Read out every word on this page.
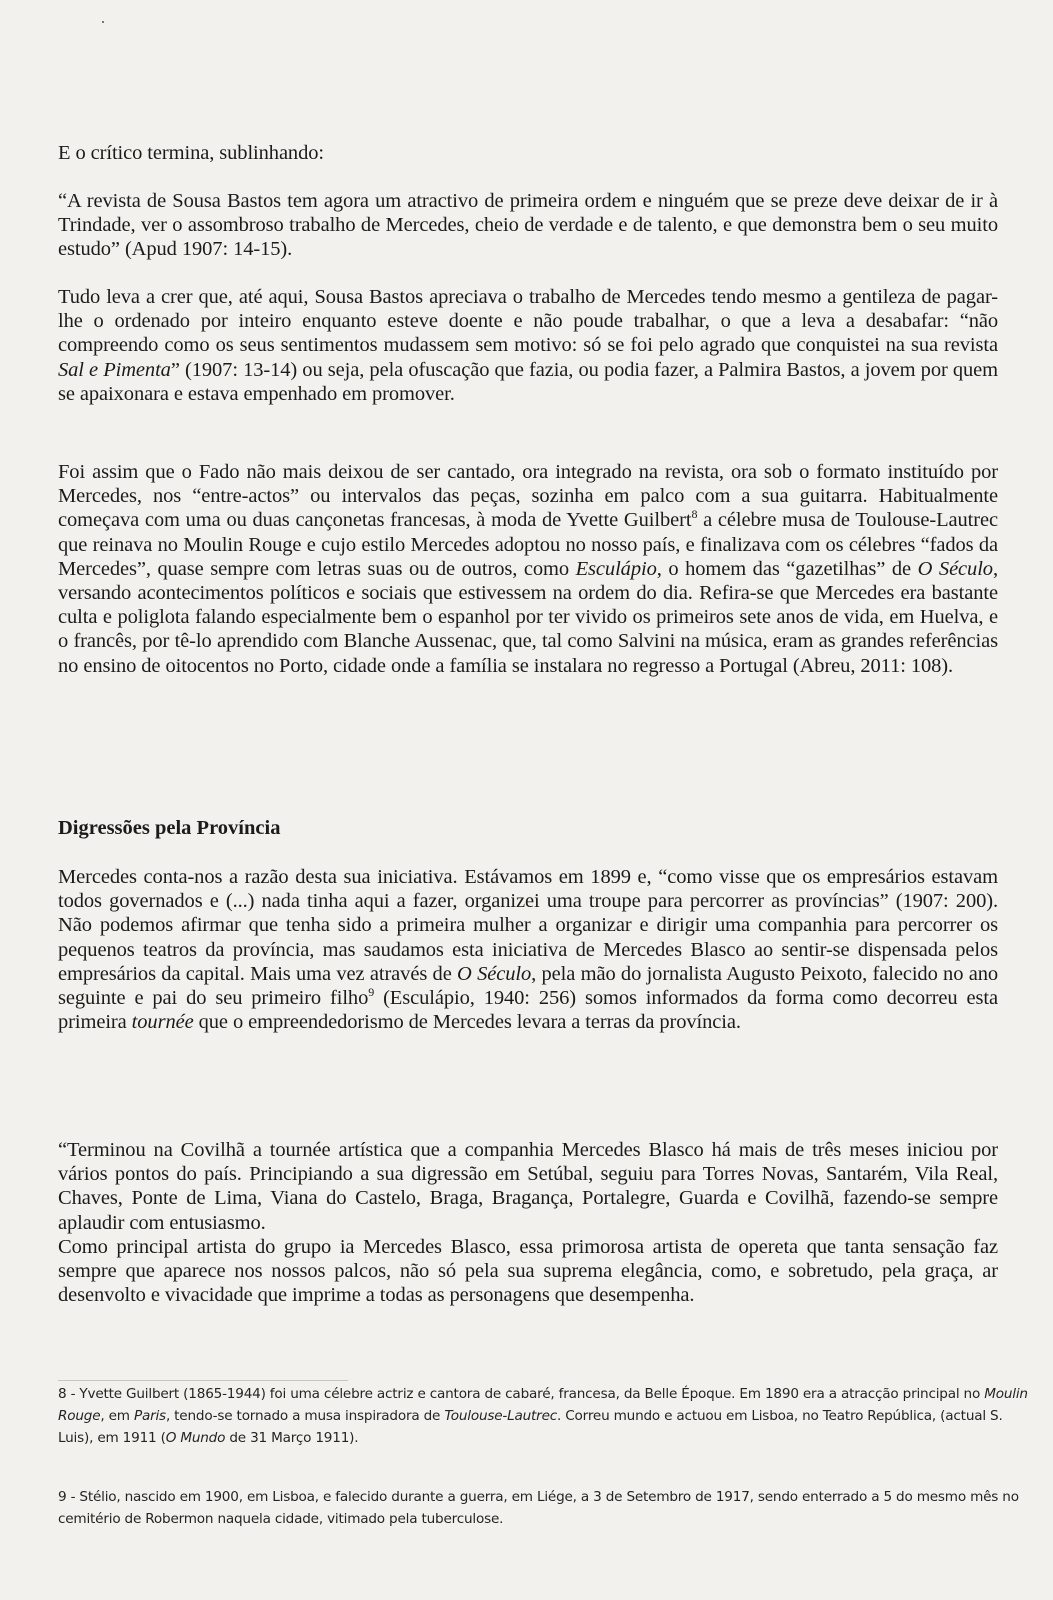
E o crítico termina, sublinhando:

“A revista de Sousa Bastos tem agora um atractivo de primeira ordem e ninguém que se preze deve deixar de ir à Trindade, ver o assombroso trabalho de Mercedes, cheio de verdade e de talento, e que demonstra bem o seu muito estudo” (Apud 1907: 14-15).

Tudo leva a crer que, até aqui, Sousa Bastos apreciava o trabalho de Mercedes tendo mesmo a gentileza de pagar-lhe o ordenado por inteiro enquanto esteve doente e não poude trabalhar, o que a leva a desabafar: “não compreendo como os seus sentimentos mudassem sem motivo: só se foi pelo agrado que conquistei na sua revista Sal e Pimenta” (1907: 13-14) ou seja, pela ofuscação que fazia, ou podia fazer, a Palmira Bastos, a jovem por quem se apaixonara e estava empenhado em promover.

Foi assim que o Fado não mais deixou de ser cantado, ora integrado na revista, ora sob o formato instituído por Mercedes, nos “entre-actos” ou intervalos das peças, sozinha em palco com a sua guitarra. Habitualmente começava com uma ou duas cançonetas francesas, à moda de Yvette Guilbert$^8$ a célebre musa de Toulouse-Lautrec que reinava no Moulin Rouge e cujo estilo Mercedes adoptou no nosso país, e finalizava com os célebres “fados da Mercedes”, quase sempre com letras suas ou de outros, como Esculápio, o homem das “gazetilhas” de O Século, versando acontecimentos políticos e sociais que estivessem na ordem do dia. Refira-se que Mercedes era bastante culta e poliglota falando especialmente bem o espanhol por ter vivido os primeiros sete anos de vida, em Huelva, e o francês, por tê-lo aprendido com Blanche Aussenac, que, tal como Salvini na música, eram as grandes referências no ensino de oitocentos no Porto, cidade onde a família se instalara no regresso a Portugal (Abreu, 2011: 108).

Digressões pela Província

Mercedes conta-nos a razão desta sua iniciativa. Estávamos em 1899 e, “como visse que os empresários estavam todos governados e (...) nada tinha aqui a fazer, organizei uma troupe para percorrer as províncias” (1907: 200). Não podemos afirmar que tenha sido a primeira mulher a organizar e dirigir uma companhia para percorrer os pequenos teatros da província, mas saudamos esta iniciativa de Mercedes Blasco ao sentir-se dispensada pelos empresários da capital. Mais uma vez através de O Século, pela mão do jornalista Augusto Peixoto, falecido no ano seguinte e pai do seu primeiro filho$^9$ (Esculápio, 1940: 256) somos informados da forma como decorreu esta primeira tournée que o empreendedorismo de Mercedes levara a terras da província.

“Terminou na Covilhã a tournée artística que a companhia Mercedes Blasco há mais de três meses iniciou por vários pontos do país. Principiando a sua digressão em Setúbal, seguiu para Torres Novas, Santarém, Vila Real, Chaves, Ponte de Lima, Viana do Castelo, Braga, Bragança, Portalegre, Guarda e Covilhã, fazendo-se sempre aplaudir com entusiasmo.

Como principal artista do grupo ia Mercedes Blasco, essa primorosa artista de opereta que tanta sensação faz sempre que aparece nos nossos palcos, não só pela sua suprema elegância, como, e sobretudo, pela graça, ar desenvolto e vivacidade que imprime a todas as personagens que desempenha.

8 - Yvette Guilbert (1865-1944) foi uma célebre actriz e cantora de cabaré, francesa, da Belle Époque. Em 1890 era a atracção principal no Moulin Rouge, em Paris, tendo-se tornado a musa inspiradora de Toulouse-Lautrec. Correu mundo e actuou em Lisboa, no Teatro República, (actual S. Luis), em 1911 (O Mundo de 31 Março 1911).

9 - Stélio, nascido em 1900, em Lisboa, e falecido durante a guerra, em Liége, a 3 de Setembro de 1917, sendo enterrado a 5 do mesmo mês no cemitério de Robermon naquela cidade, vitimado pela tuberculose.
